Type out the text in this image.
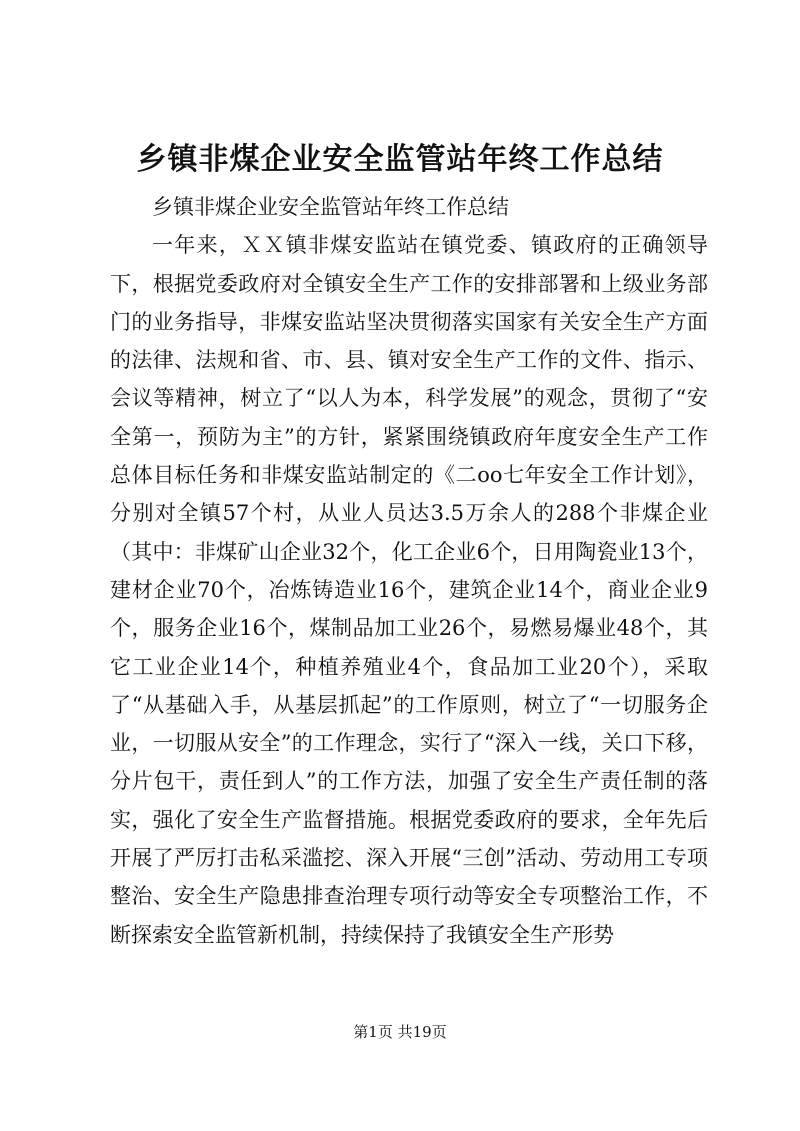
乡镇非煤企业安全监管站年终工作总结

乡镇非煤企业安全监管站年终工作总结

一年来，ＸＸ镇非煤安监站在镇党委、镇政府的正确领导下，根据党委政府对全镇安全生产工作的安排部署和上级业务部门的业务指导，非煤安监站坚决贯彻落实国家有关安全生产方面的法律、法规和省、市、县、镇对安全生产工作的文件、指示、会议等精神，树立了“以人为本，科学发展”的观念，贯彻了“安全第一，预防为主”的方针，紧紧围绕镇政府年度安全生产工作总体目标任务和非煤安监站制定的《二oo七年安全工作计划》，分别对全镇57个村，从业人员达3.5万余人的288个非煤企业（其中：非煤矿山企业32个，化工企业6个，日用陶瓷业13个，建材企业70个，冶炼铸造业16个，建筑企业14个，商业企业9个，服务企业16个，煤制品加工业26个，易燃易爆业48个，其它工业企业14个，种植养殖业4个，食品加工业20个），采取了“从基础入手，从基层抓起”的工作原则，树立了“一切服务企业，一切服从安全”的工作理念，实行了“深入一线，关口下移，分片包干，责任到人”的工作方法，加强了安全生产责任制的落实，强化了安全生产监督措施。根据党委政府的要求，全年先后开展了严厉打击私采滥挖、深入开展“三创”活动、劳动用工专项整治、安全生产隐患排查治理专项行动等安全专项整治工作，不断探索安全监管新机制，持续保持了我镇安全生产形势

第1页 共19页
